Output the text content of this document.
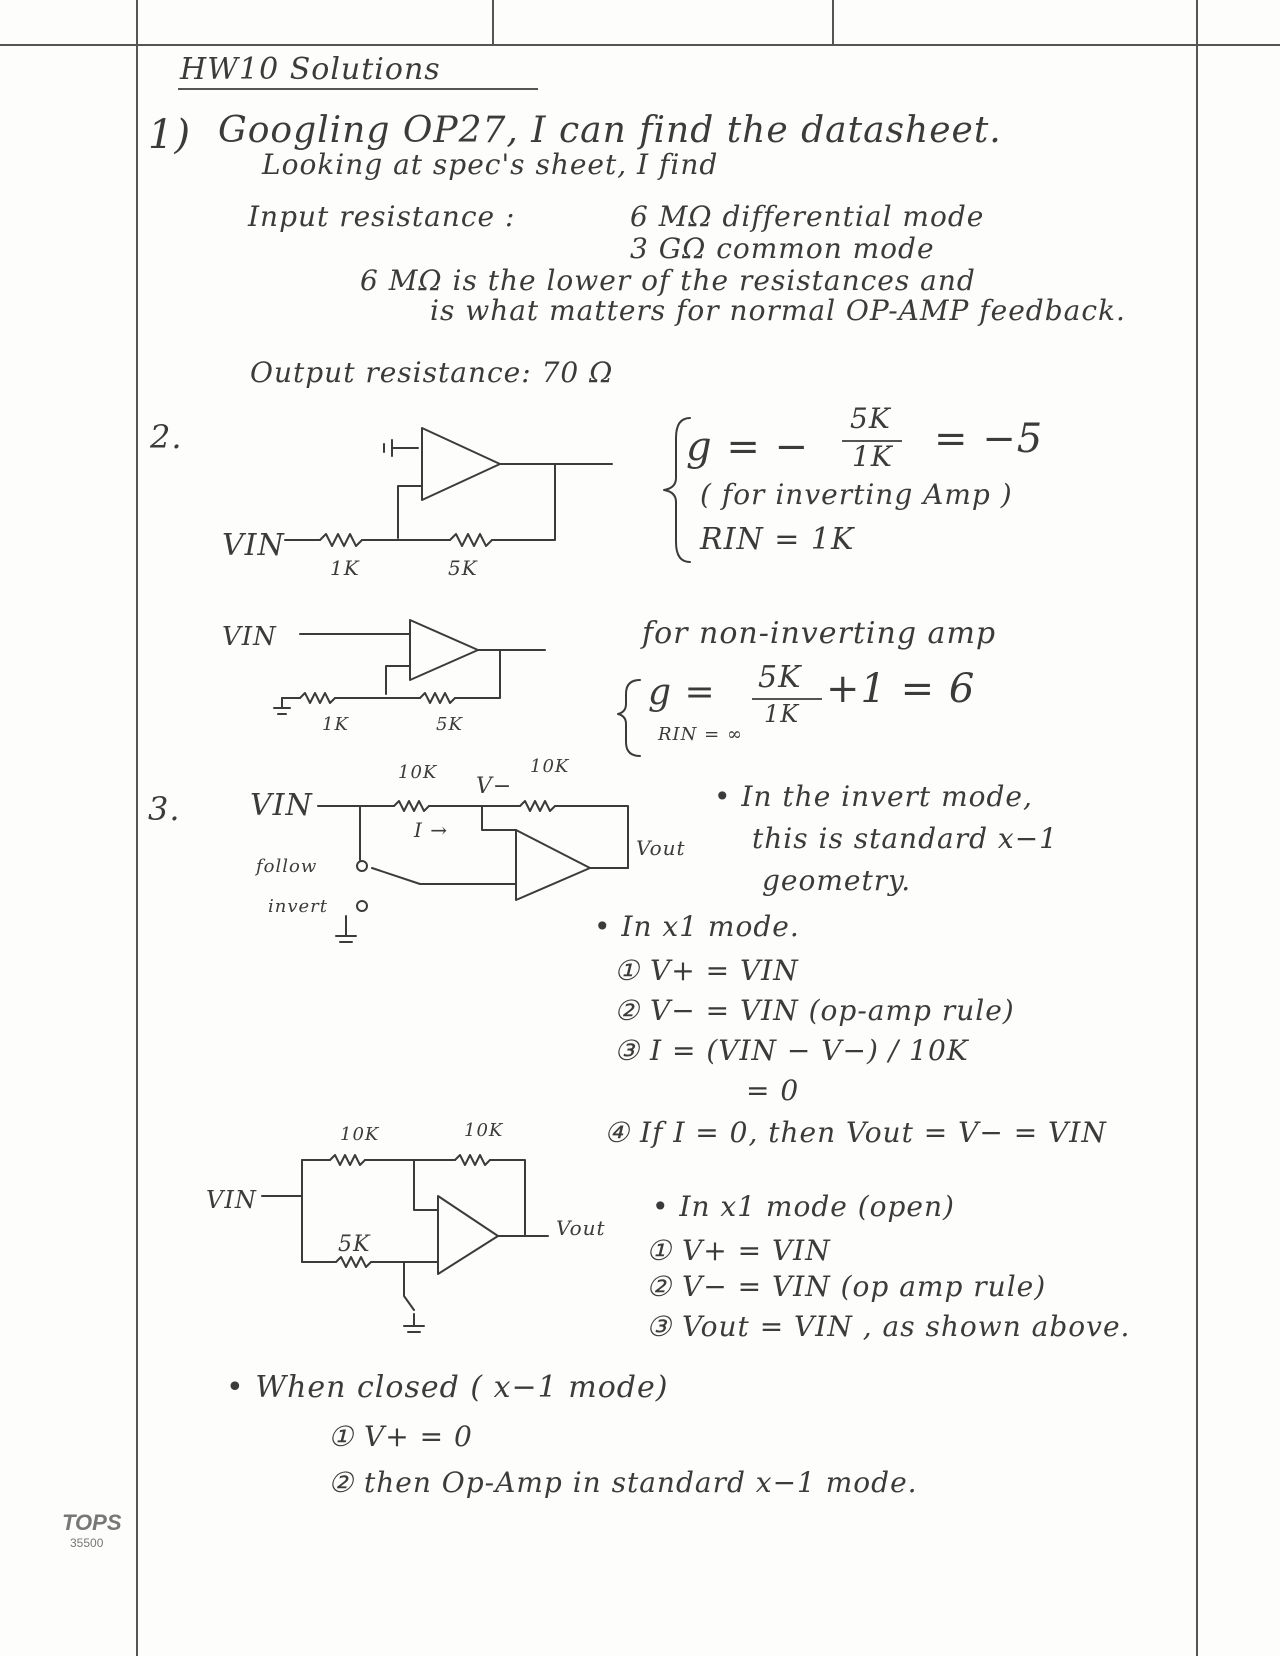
HW10 Solutions
1) Googling OP27, I can find the datasheet.
Looking at spec's sheet, I find
Input resistance :	6 MΩ differential mode
3 GΩ common mode
6 MΩ is the lower of the resistances and
is what matters for normal OP-AMP feedback.
Output resistance: 70 Ω
2.
VIN
1K	5K
g = −
5K
1K = −5
( for inverting Amp )
RIN = 1K
for non-inverting amp
VIN
1K	5K
g = 5K
1K
+1 = 6
RIN = ∞
3. VIN
10K	10K
V−
I →
follow
invert
Vout
• In the invert mode,
this is standard x−1
geometry.
• In x1 mode.
① V+ = VIN
② V− = VIN (op-amp rule)
③ I = (VIN − V−) / 10K
= 0
④ If I = 0, then Vout = V− = VIN
10K	10K
VIN
5K
Vout
• In x1 mode (open)
① V+ = VIN
② V− = VIN (op amp rule)
③ Vout = VIN , as shown above.
• When closed ( x−1 mode)
① V+ = 0
② then Op-Amp in standard x−1 mode.
TOPS
35500
